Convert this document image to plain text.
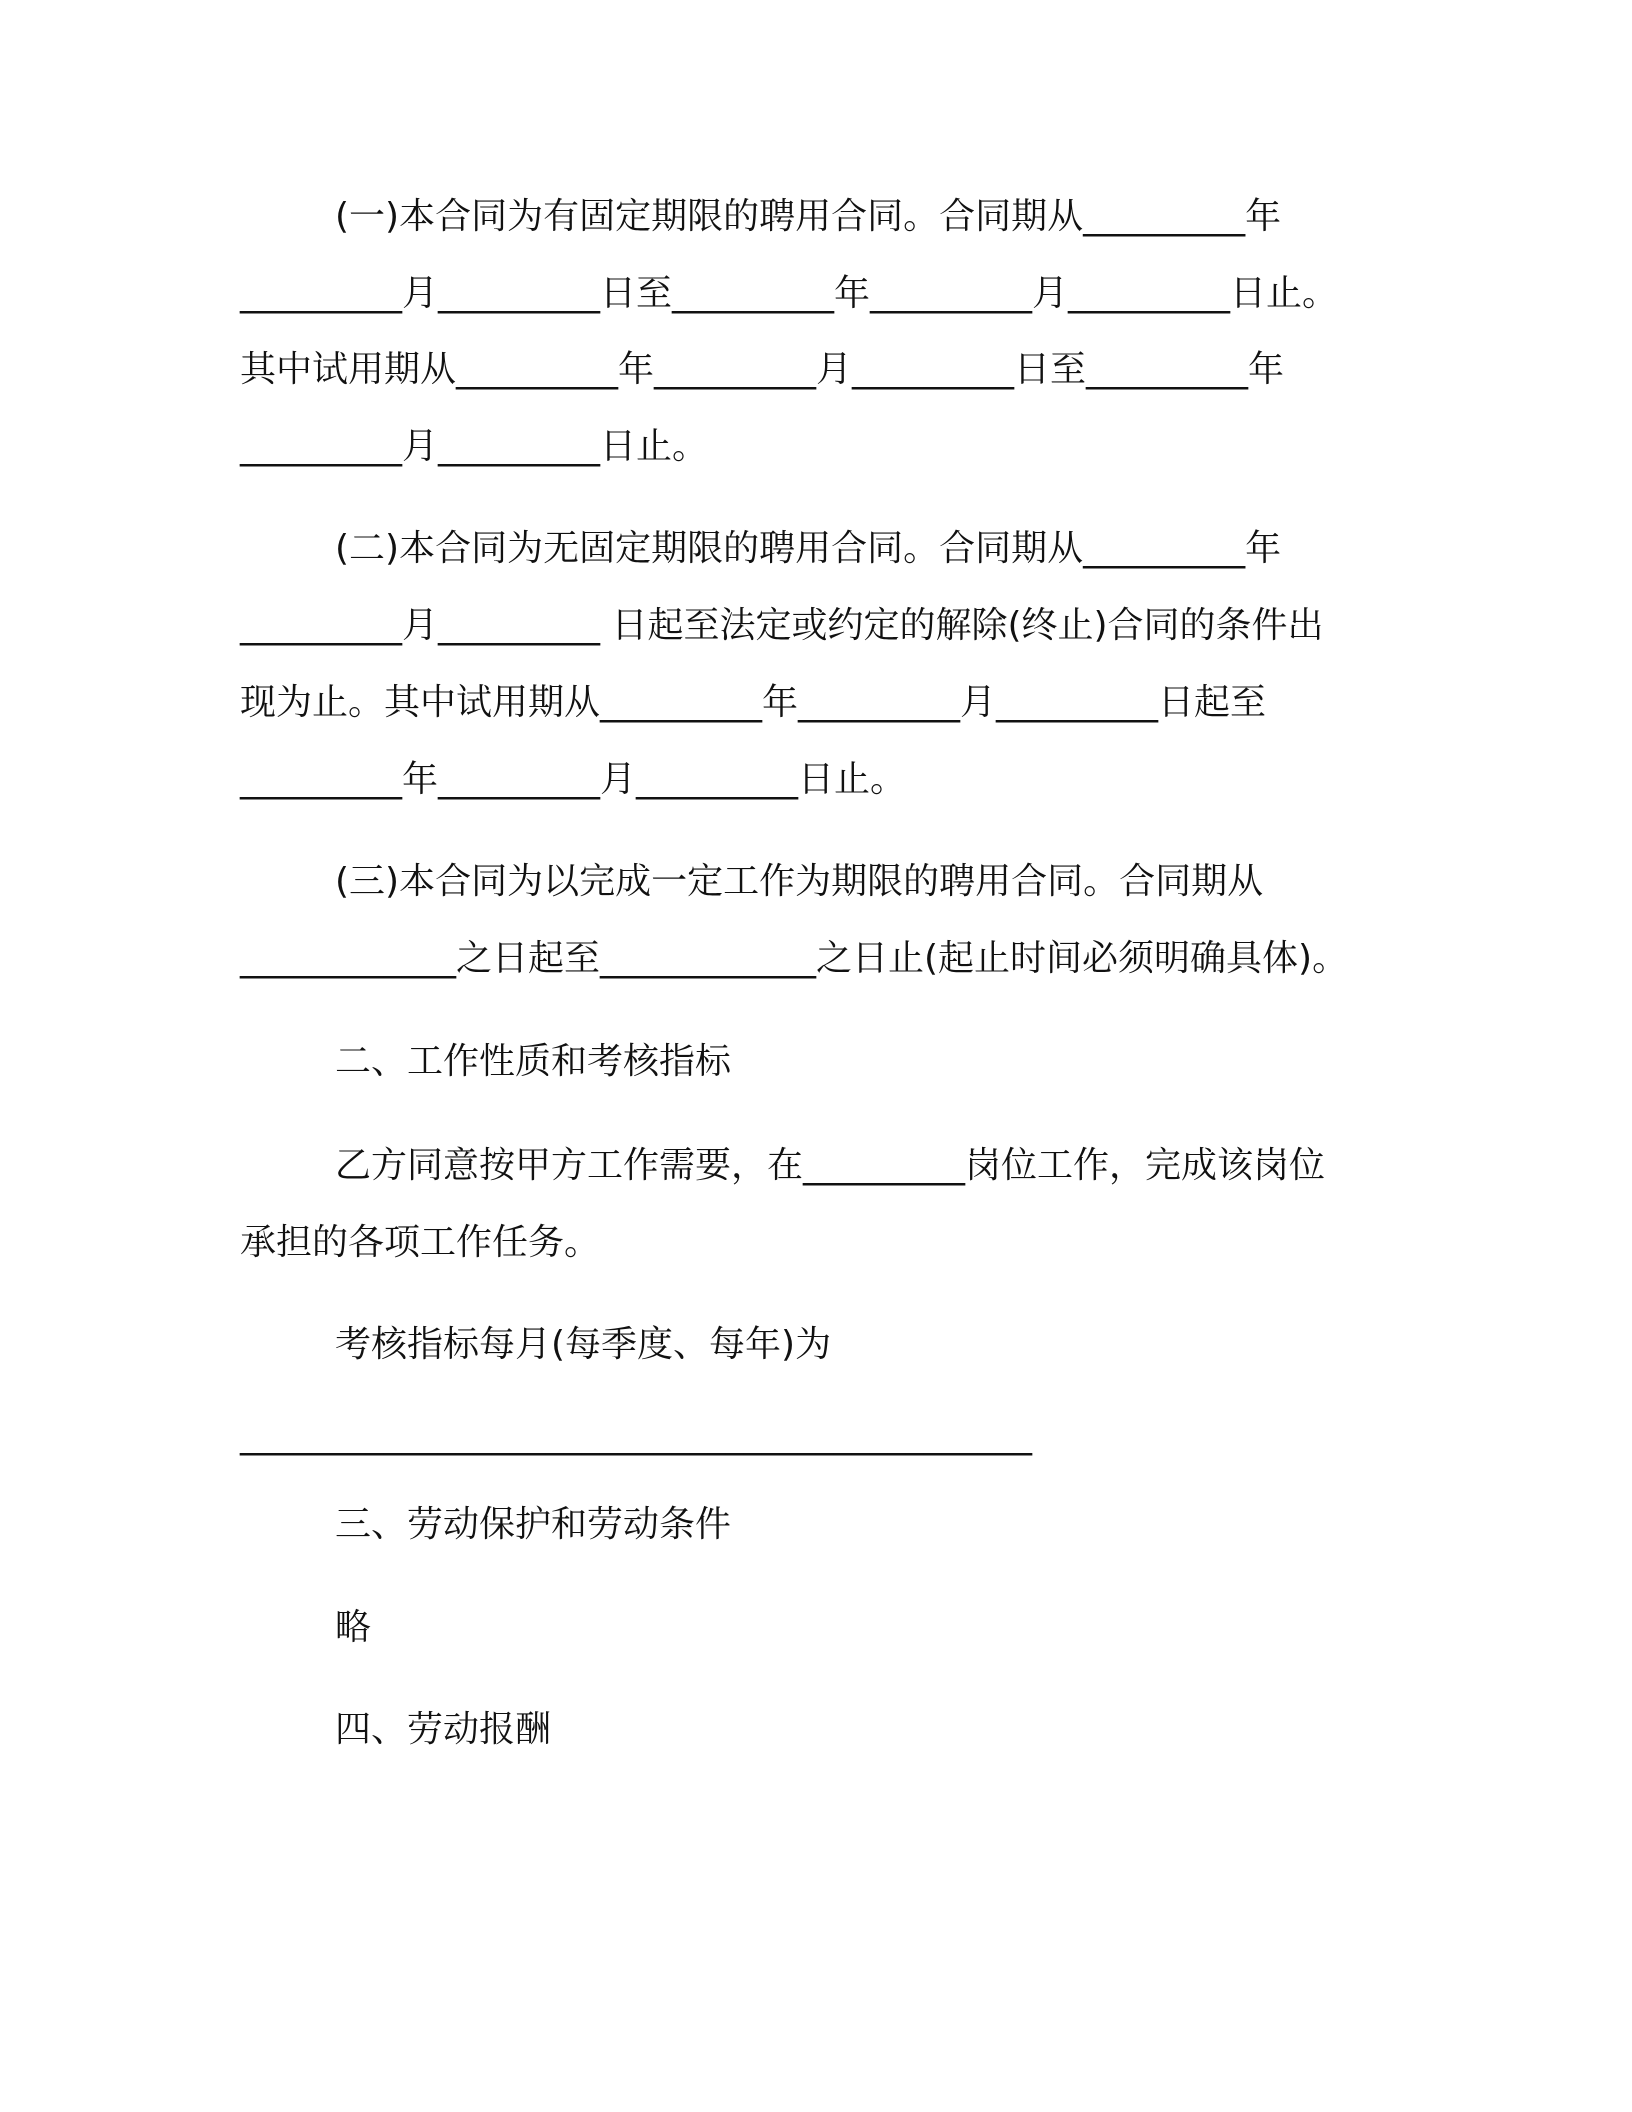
(一)本合同为有固定期限的聘用合同。合同期从_________年
_________月_________日至_________年_________月_________日止。
其中试用期从_________年_________月_________日至_________年
_________月_________日止。
(二)本合同为无固定期限的聘用合同。合同期从_________年
_________月_________ 日起至法定或约定的解除(终止)合同的条件出
现为止。其中试用期从_________年_________月_________日起至
_________年_________月_________日止。
(三)本合同为以完成一定工作为期限的聘用合同。合同期从
____________之日起至____________之日止(起止时间必须明确具体)。
二、工作性质和考核指标
乙方同意按甲方工作需要，在_________岗位工作，完成该岗位
承担的各项工作任务。
考核指标每月(每季度、每年)为
____________________________________________
三、劳动保护和劳动条件
略
四、劳动报酬
